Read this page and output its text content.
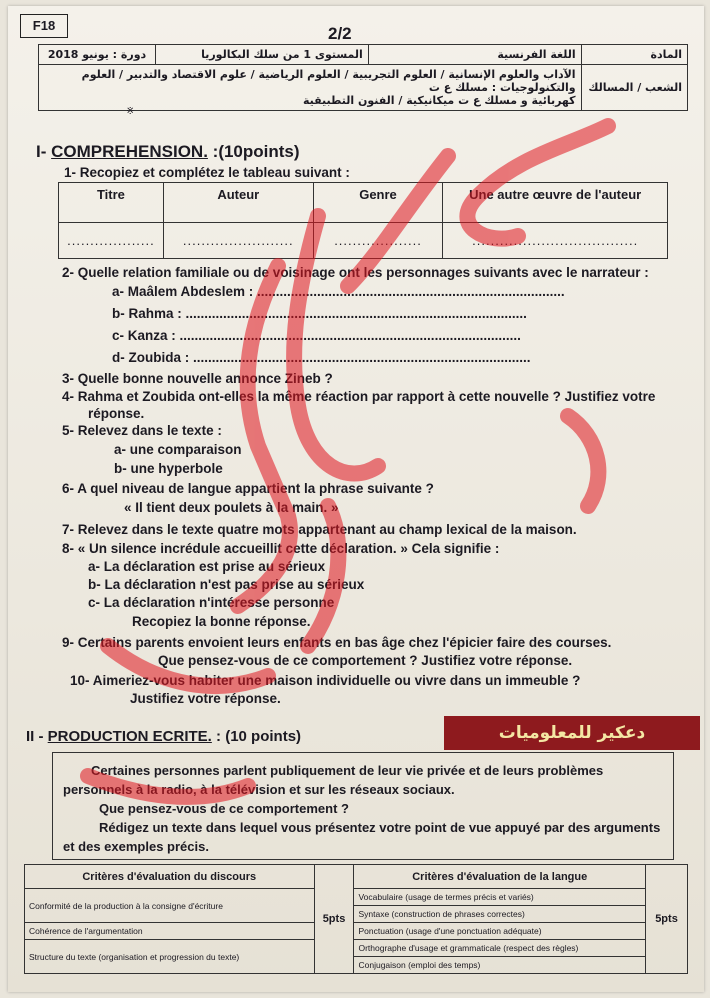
F18	2/2
دورة : يونيو 2018	المستوى 1 من سلك البكالوريا	اللغة الفرنسية	المادة

الآداب والعلوم الإنسانية / العلوم التجريبية / العلوم الرياضية / علوم الاقتصاد والتدبير / العلوم والتكنولوجيات : مسلك ع ت
كهربائية و مسلك ع ت ميكانيكية / الفنون التطبيقية			الشعب / المسالك
※
I- COMPREHENSION. :(10points)
1- Recopiez et complétez le tableau suivant :
Titre	Auteur	Genre	Une autre œuvre de l'auteur
...................	........................	...................	....................................
2- Quelle relation familiale ou de voisinage ont les personnages suivants avec le narrateur :
a- Maâlem Abdeslem : ..................................................................................
b- Rahma : ...........................................................................................
c- Kanza : ...........................................................................................
d- Zoubida : ..........................................................................................
3- Quelle bonne nouvelle annonce Zineb ?
4- Rahma et Zoubida ont-elles la même réaction par rapport à cette nouvelle ? Justifiez votre
réponse.
5- Relevez dans le texte :
a- une comparaison
b- une hyperbole
6- A quel niveau de langue appartient la phrase suivante ?
« Il tient deux poulets à la main. »
7- Relevez dans le texte quatre mots appartenant au champ lexical de la maison.
8- « Un silence incrédule accueillit cette déclaration. » Cela signifie :
a- La déclaration est prise au sérieux
b- La déclaration n'est pas prise au sérieux
c- La déclaration n'intéresse personne
Recopiez la bonne réponse.
9- Certains parents envoient leurs enfants en bas âge chez l'épicier faire des courses.
Que pensez-vous de ce comportement ? Justifiez votre réponse.
10- Aimeriez-vous habiter une maison individuelle ou vivre dans un immeuble ?
Justifiez votre réponse.
II - PRODUCTION ECRITE. : (10 points)	دعكير للمعلوميات
Certaines personnes parlent publiquement de leur vie privée et de leurs problèmes
personnels à la radio, à la télévision et sur les réseaux sociaux.
Que pensez-vous de ce comportement ?
Rédigez un texte dans lequel vous présentez votre point de vue appuyé par des arguments
et des exemples précis.
Critères d'évaluation du discours	5pts	Critères d'évaluation de la langue	5pts
Conformité de la production à la consigne d'écriture		Vocabulaire (usage de termes précis et variés)	
		Syntaxe (construction de phrases correctes)	
Cohérence de l'argumentation		Ponctuation (usage d'une ponctuation adéquate)	
Structure du texte (organisation et progression du texte)		Orthographe d'usage et grammaticale (respect des règles)	
		Conjugaison (emploi des temps)	
